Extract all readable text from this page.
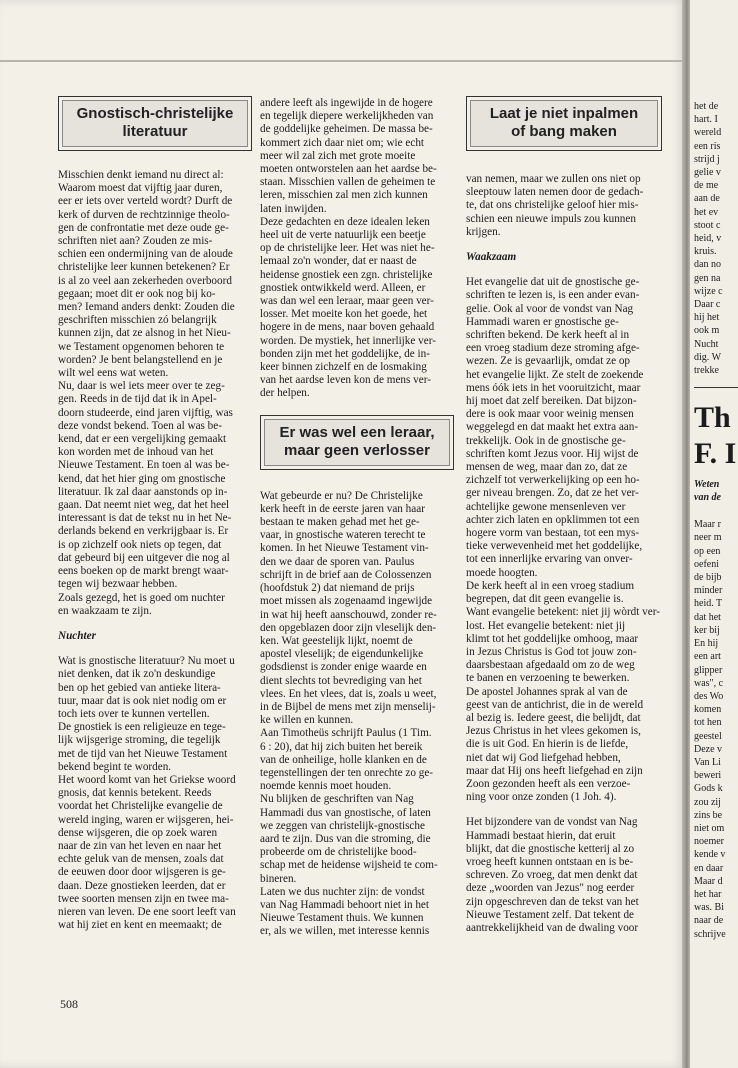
Gnostisch-christelijke
literatuur

Misschien denkt iemand nu direct al:
Waarom moest dat vijftig jaar duren,
eer er iets over verteld wordt? Durft de
kerk of durven de rechtzinnige theolo-
gen de confrontatie met deze oude ge-
schriften niet aan? Zouden ze mis-
schien een ondermijning van de aloude
christelijke leer kunnen betekenen? Er
is al zo veel aan zekerheden overboord
gegaan; moet dit er ook nog bij ko-
men? Iemand anders denkt: Zouden die
geschriften misschien zó belangrijk
kunnen zijn, dat ze alsnog in het Nieu-
we Testament opgenomen behoren te
worden? Je bent belangstellend en je
wilt wel eens wat weten.
Nu, daar is wel iets meer over te zeg-
gen. Reeds in de tijd dat ik in Apel-
doorn studeerde, eind jaren vijftig, was
deze vondst bekend. Toen al was be-
kend, dat er een vergelijking gemaakt
kon worden met de inhoud van het
Nieuwe Testament. En toen al was be-
kend, dat het hier ging om gnostische
literatuur. Ik zal daar aanstonds op in-
gaan. Dat neemt niet weg, dat het heel
interessant is dat de tekst nu in het Ne-
derlands bekend en verkrijgbaar is. Er
is op zichzelf ook niets op tegen, dat
dat gebeurd bij een uitgever die nog al
eens boeken op de markt brengt waar-
tegen wij bezwaar hebben.
Zoals gezegd, het is goed om nuchter
en waakzaam te zijn.

Nuchter

Wat is gnostische literatuur? Nu moet u
niet denken, dat ik zo'n deskundige
ben op het gebied van antieke litera-
tuur, maar dat is ook niet nodig om er
toch iets over te kunnen vertellen.
De gnostiek is een religieuze en tege-
lijk wijsgerige stroming, die tegelijk
met de tijd van het Nieuwe Testament
bekend begint te worden.
Het woord komt van het Griekse woord
gnosis, dat kennis betekent. Reeds
voordat het Christelijke evangelie de
wereld inging, waren er wijsgeren, hei-
dense wijsgeren, die op zoek waren
naar de zin van het leven en naar het
echte geluk van de mensen, zoals dat
de eeuwen door door wijsgeren is ge-
daan. Deze gnostieken leerden, dat er
twee soorten mensen zijn en twee ma-
nieren van leven. De ene soort leeft van
wat hij ziet en kent en meemaakt; de

andere leeft als ingewijde in de hogere
en tegelijk diepere werkelijkheden van
de goddelijke geheimen. De massa be-
kommert zich daar niet om; wie echt
meer wil zal zich met grote moeite
moeten ontworstelen aan het aardse be-
staan. Misschien vallen de geheimen te
leren, misschien zal men zich kunnen
laten inwijden.
Deze gedachten en deze idealen leken
heel uit de verte natuurlijk een beetje
op de christelijke leer. Het was niet he-
lemaal zo'n wonder, dat er naast de
heidense gnostiek een zgn. christelijke
gnostiek ontwikkeld werd. Alleen, er
was dan wel een leraar, maar geen ver-
losser. Met moeite kon het goede, het
hogere in de mens, naar boven gehaald
worden. De mystiek, het innerlijke ver-
bonden zijn met het goddelijke, de in-
keer binnen zichzelf en de losmaking
van het aardse leven kon de mens ver-
der helpen.

Er was wel een leraar,
maar geen verlosser

Wat gebeurde er nu? De Christelijke
kerk heeft in de eerste jaren van haar
bestaan te maken gehad met het ge-
vaar, in gnostische wateren terecht te
komen. In het Nieuwe Testament vin-
den we daar de sporen van. Paulus
schrijft in de brief aan de Colossenzen
(hoofdstuk 2) dat niemand de prijs
moet missen als zogenaamd ingewijde
in wat hij heeft aanschouwd, zonder re-
den opgeblazen door zijn vleselijk den-
ken. Wat geestelijk lijkt, noemt de
apostel vleselijk; de eigendunkelijke
godsdienst is zonder enige waarde en
dient slechts tot bevrediging van het
vlees. En het vlees, dat is, zoals u weet,
in de Bijbel de mens met zijn menselij-
ke willen en kunnen.
Aan Timotheüs schrijft Paulus (1 Tim.
6 : 20), dat hij zich buiten het bereik
van de onheilige, holle klanken en de
tegenstellingen der ten onrechte zo ge-
noemde kennis moet houden.
Nu blijken de geschriften van Nag
Hammadi dus van gnostische, of laten
we zeggen van christelijk-gnostische
aard te zijn. Dus van die stroming, die
probeerde om de christelijke bood-
schap met de heidense wijsheid te com-
bineren.
Laten we dus nuchter zijn: de vondst
van Nag Hammadi behoort niet in het
Nieuwe Testament thuis. We kunnen
er, als we willen, met interesse kennis

Laat je niet inpalmen
of bang maken

van nemen, maar we zullen ons niet op
sleeptouw laten nemen door de gedach-
te, dat ons christelijke geloof hier mis-
schien een nieuwe impuls zou kunnen
krijgen.

Waakzaam

Het evangelie dat uit de gnostische ge-
schriften te lezen is, is een ander evan-
gelie. Ook al voor de vondst van Nag
Hammadi waren er gnostische ge-
schriften bekend. De kerk heeft al in
een vroeg stadium deze stroming afge-
wezen. Ze is gevaarlijk, omdat ze op
het evangelie lijkt. Ze stelt de zoekende
mens óók iets in het vooruitzicht, maar
hij moet dat zelf bereiken. Dat bijzon-
dere is ook maar voor weinig mensen
weggelegd en dat maakt het extra aan-
trekkelijk. Ook in de gnostische ge-
schriften komt Jezus voor. Hij wijst de
mensen de weg, maar dan zo, dat ze
zichzelf tot verwerkelijking op een ho-
ger niveau brengen. Zo, dat ze het ver-
achtelijke gewone mensenleven ver
achter zich laten en opklimmen tot een
hogere vorm van bestaan, tot een mys-
tieke verwevenheid met het goddelijke,
tot een innerlijke ervaring van onver-
moede hoogten.
De kerk heeft al in een vroeg stadium
begrepen, dat dit geen evangelie is.
Want evangelie betekent: niet jij wòrdt ver-
lost. Het evangelie betekent: niet jij
klimt tot het goddelijke omhoog, maar
in Jezus Christus is God tot jouw zon-
daarsbestaan afgedaald om zo de weg
te banen en verzoening te bewerken.
De apostel Johannes sprak al van de
geest van de antichrist, die in de wereld
al bezig is. Iedere geest, die belijdt, dat
Jezus Christus in het vlees gekomen is,
die is uit God. En hierin is de liefde,
niet dat wij God liefgehad hebben,
maar dat Hij ons heeft liefgehad en zijn
Zoon gezonden heeft als een verzoe-
ning voor onze zonden (1 Joh. 4).

Het bijzondere van de vondst van Nag
Hammadi bestaat hierin, dat eruit
blijkt, dat die gnostische ketterij al zo
vroeg heeft kunnen ontstaan en is be-
schreven. Zo vroeg, dat men denkt dat
deze „woorden van Jezus" nog eerder
zijn opgeschreven dan de tekst van het
Nieuwe Testament zelf. Dat tekent de
aantrekkelijkheid van de dwaling voor

508
het de
hart. I
wereld
een ris
strijd j
gelie v
de me
aan de
het ev
stoot c
heid, v
kruis.
dan no
gen na
wijze c
Daar c
hij het
ook m
Nucht
dig. W
trekke
Th
F. I
Weten
van de
Maar r
neer m
op een
oefeni
de bijb
minder
heid. T
dat het
ker bij
En hij
een art
glipper
was", c
des Wo
komen
tot hen
geestel
Deze v
Van Li
beweri
Gods k
zou zij
zins be
niet om
noemer
kende v
en daar
Maar d
het har
was. Bi
naar de
schrijve
